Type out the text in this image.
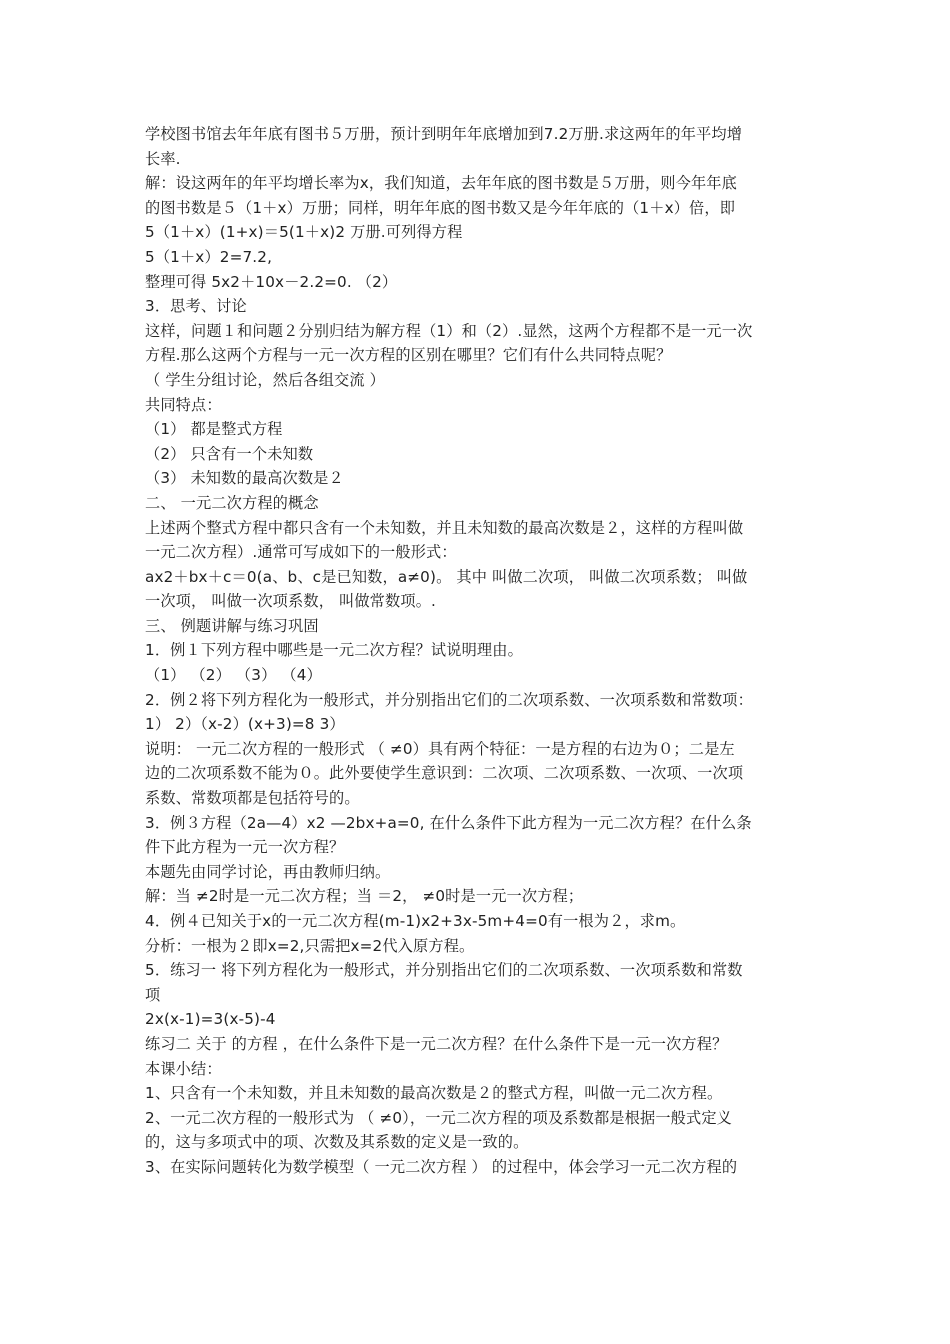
学校图书馆去年年底有图书５万册，预计到明年年底增加到7.2万册.求这两年的年平均增
长率.
解：设这两年的年平均增长率为x，我们知道，去年年底的图书数是５万册，则今年年底
的图书数是５（1＋x）万册；同样，明年年底的图书数又是今年年底的（1＋x）倍，即
5（1＋x）(1+x)＝5(1＋x)2 万册.可列得方程
5（1＋x）2=7.2,
整理可得 5x2＋10x－2.2=0. （2）
3．思考、讨论
这样，问题１和问题２分别归结为解方程（1）和（2）.显然，这两个方程都不是一元一次
方程.那么这两个方程与一元一次方程的区别在哪里？它们有什么共同特点呢？
（ 学生分组讨论，然后各组交流 ）
共同特点：
（1） 都是整式方程
（2） 只含有一个未知数
（3） 未知数的最高次数是２
二、 一元二次方程的概念
上述两个整式方程中都只含有一个未知数，并且未知数的最高次数是２，这样的方程叫做
一元二次方程）.通常可写成如下的一般形式：
ax2＋bx＋c＝0(a、b、c是已知数，a≠0)。 其中 叫做二次项， 叫做二次项系数； 叫做
一次项， 叫做一次项系数， 叫做常数项。.
三、 例题讲解与练习巩固
1．例１下列方程中哪些是一元二次方程？试说明理由。
（1） （2） （3） （4）
2．例２将下列方程化为一般形式，并分别指出它们的二次项系数、一次项系数和常数项：
1） 2）（x-2）(x+3)=8 3）
说明： 一元二次方程的一般形式 （ ≠0）具有两个特征：一是方程的右边为０；二是左
边的二次项系数不能为０。此外要使学生意识到：二次项、二次项系数、一次项、一次项
系数、常数项都是包括符号的。
3．例３方程（2a—4）x2 —2bx+a=0, 在什么条件下此方程为一元二次方程？在什么条
件下此方程为一元一次方程？
本题先由同学讨论，再由教师归纳。
解：当 ≠2时是一元二次方程；当 ＝2， ≠0时是一元一次方程；
4．例４已知关于x的一元二次方程(m-1)x2+3x-5m+4=0有一根为２，求m。
分析：一根为２即x=2,只需把x=2代入原方程。
5．练习一 将下列方程化为一般形式，并分别指出它们的二次项系数、一次项系数和常数
项
2x(x-1)=3(x-5)-4
练习二 关于 的方程 ，在什么条件下是一元二次方程？在什么条件下是一元一次方程？
本课小结：
1、只含有一个未知数，并且未知数的最高次数是２的整式方程，叫做一元二次方程。
2、一元二次方程的一般形式为 （ ≠0），一元二次方程的项及系数都是根据一般式定义
的，这与多项式中的项、次数及其系数的定义是一致的。
3、在实际问题转化为数学模型（ 一元二次方程 ） 的过程中，体会学习一元二次方程的
